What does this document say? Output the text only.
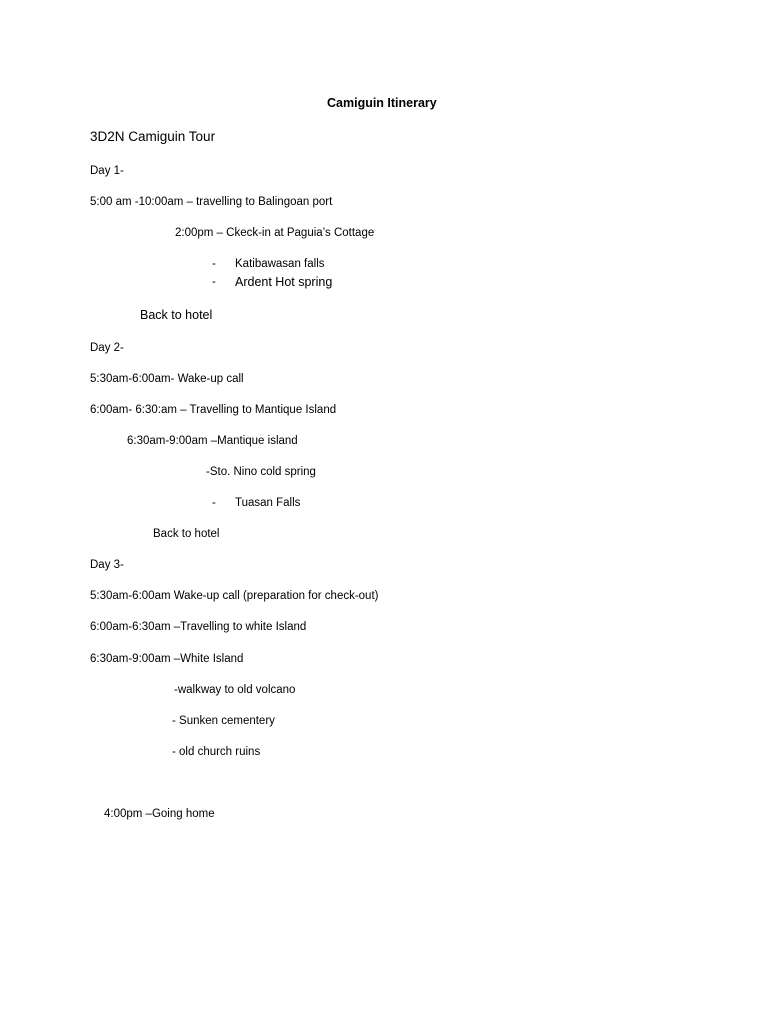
Camiguin Itinerary
3D2N Camiguin Tour
Day 1-
5:00 am -10:00am – travelling to Balingoan port
2:00pm – Ckeck-in at Paguia’s Cottage
- Katibawasan falls
- Ardent Hot spring
Back to hotel
Day 2-
5:30am-6:00am- Wake-up call
6:00am- 6:30:am – Travelling to Mantique Island
6:30am-9:00am –Mantique island
-Sto. Nino cold spring
- Tuasan Falls
Back to hotel
Day 3-
5:30am-6:00am Wake-up call (preparation for check-out)
6:00am-6:30am –Travelling to white Island
6:30am-9:00am –White Island
-walkway to old volcano
- Sunken cementery
- old church ruins
4:00pm –Going home
